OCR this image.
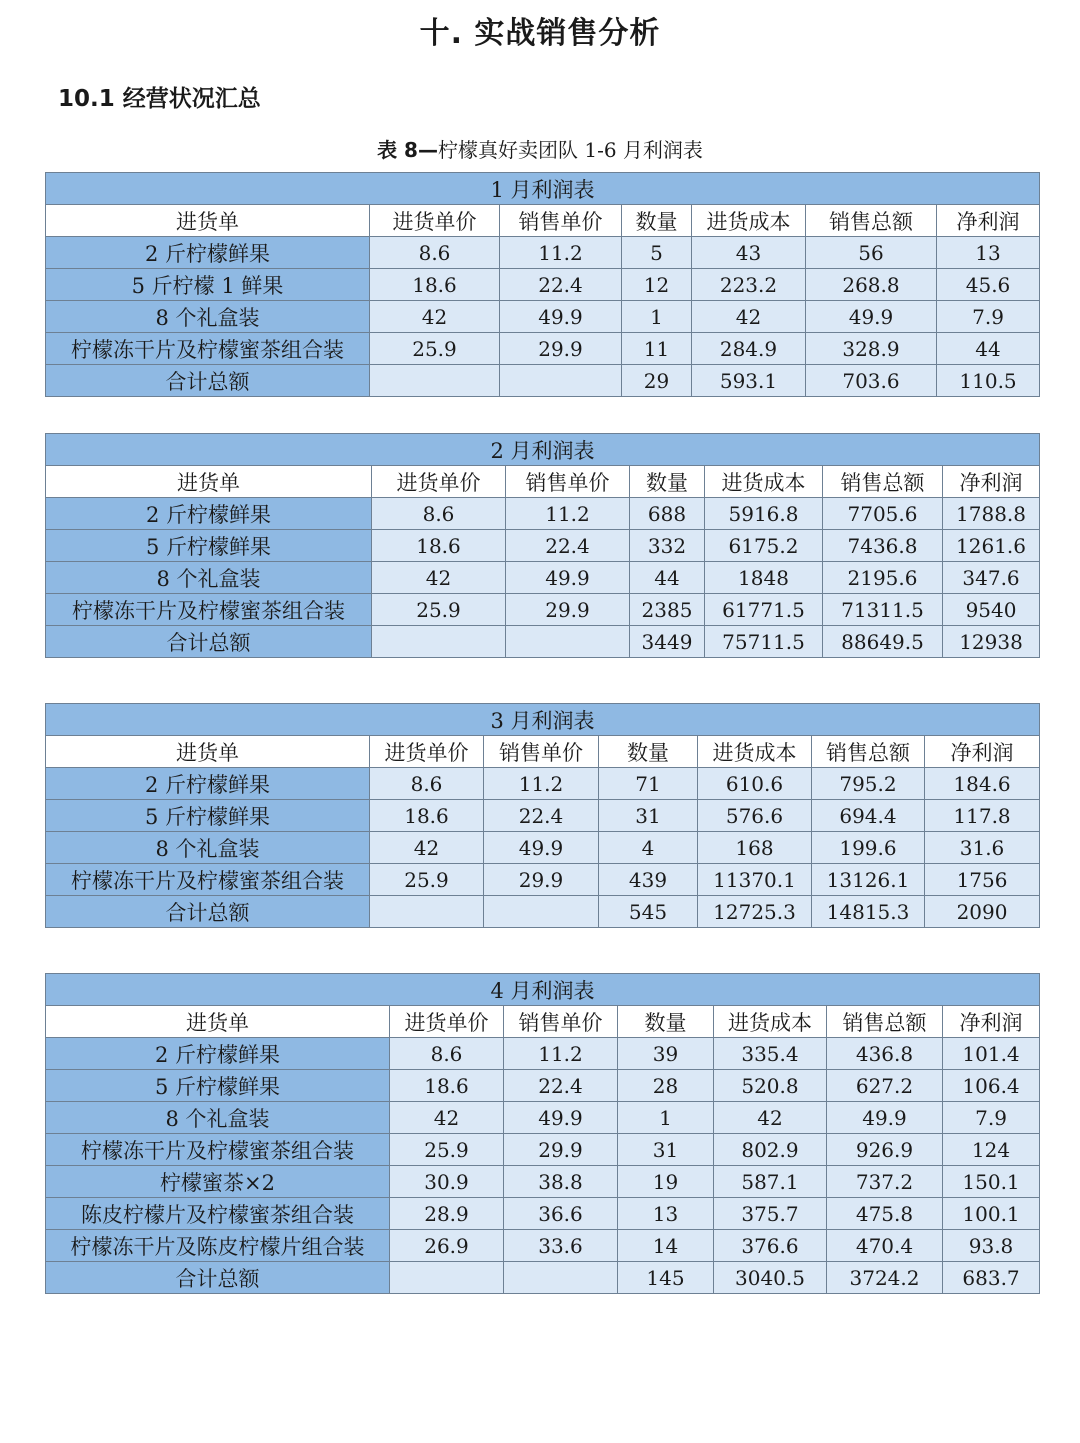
十. 实战销售分析
10.1 经营状况汇总
表 8—柠檬真好卖团队 1-6 月利润表
1 月利润表						
进货单	进货单价	销售单价	数量	进货成本	销售总额	净利润
2 斤柠檬鲜果	8.6	11.2	5	43	56	13
5 斤柠檬 1 鲜果	18.6	22.4	12	223.2	268.8	45.6
8 个礼盒装	42	49.9	1	42	49.9	7.9
柠檬冻干片及柠檬蜜茶组合装	25.9	29.9	11	284.9	328.9	44
合计总额			29	593.1	703.6	110.5
2 月利润表						
进货单	进货单价	销售单价	数量	进货成本	销售总额	净利润
2 斤柠檬鲜果	8.6	11.2	688	5916.8	7705.6	1788.8
5 斤柠檬鲜果	18.6	22.4	332	6175.2	7436.8	1261.6
8 个礼盒装	42	49.9	44	1848	2195.6	347.6
柠檬冻干片及柠檬蜜茶组合装	25.9	29.9	2385	61771.5	71311.5	9540
合计总额			3449	75711.5	88649.5	12938
3 月利润表						
进货单	进货单价	销售单价	数量	进货成本	销售总额	净利润
2 斤柠檬鲜果	8.6	11.2	71	610.6	795.2	184.6
5 斤柠檬鲜果	18.6	22.4	31	576.6	694.4	117.8
8 个礼盒装	42	49.9	4	168	199.6	31.6
柠檬冻干片及柠檬蜜茶组合装	25.9	29.9	439	11370.1	13126.1	1756
合计总额			545	12725.3	14815.3	2090
4 月利润表						
进货单	进货单价	销售单价	数量	进货成本	销售总额	净利润
2 斤柠檬鲜果	8.6	11.2	39	335.4	436.8	101.4
5 斤柠檬鲜果	18.6	22.4	28	520.8	627.2	106.4
8 个礼盒装	42	49.9	1	42	49.9	7.9
柠檬冻干片及柠檬蜜茶组合装	25.9	29.9	31	802.9	926.9	124
柠檬蜜茶×2	30.9	38.8	19	587.1	737.2	150.1
陈皮柠檬片及柠檬蜜茶组合装	28.9	36.6	13	375.7	475.8	100.1
柠檬冻干片及陈皮柠檬片组合装	26.9	33.6	14	376.6	470.4	93.8
合计总额			145	3040.5	3724.2	683.7
